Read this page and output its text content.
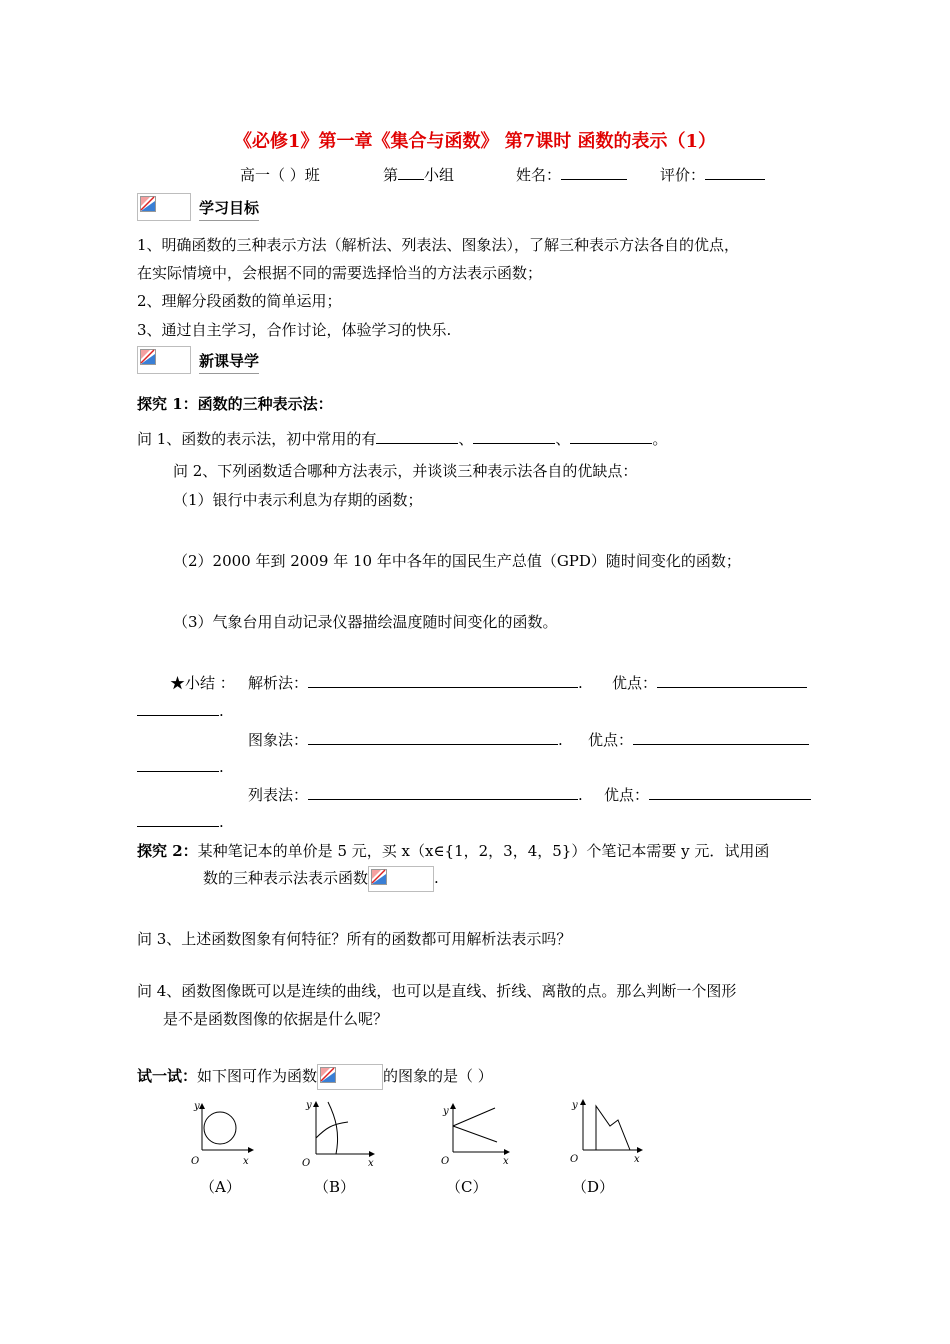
《必修1》第一章《集合与函数》 第7课时 函数的表示（1）
高一（ ）班	第 小组	姓名：	评价：
学习目标
1、明确函数的三种表示方法（解析法、列表法、图象法），了解三种表示方法各自的优点，
在实际情境中，会根据不同的需要选择恰当的方法表示函数；
2、理解分段函数的简单运用；
3、通过自主学习，合作讨论，体验学习的快乐.
新课导学
探究 1：函数的三种表示法：
问 1、函数的表示法，初中常用的有	、	、	。
问 2、下列函数适合哪种方法表示，并谈谈三种表示法各自的优缺点：
（1）银行中表示利息为存期的函数；
（2）2000 年到 2009 年 10 年中各年的国民生产总值（GPD）随时间变化的函数；
（3）气象台用自动记录仪器描绘温度随时间变化的函数。
★小结 ： 解析法：	. 优点：
.
图象法：	. 优点：
.
列表法：	. 优点：
.
探究 2：某种笔记本的单价是 5 元，买 x（x∈{1，2，3，4，5}）个笔记本需要 y 元．试用函
数的三种表示法表示函数	.
问 3、上述函数图象有何特征？所有的函数都可用解析法表示吗？
问 4、函数图像既可以是连续的曲线，也可以是直线、折线、离散的点。那么判断一个图形
是不是函数图像的依据是什么呢？
试一试：如下图可作为函数	的图象的是（ ）
y
x
O
y
x
O
y
x
O
y
x
O
（A）	（B）	（C）	（D）
